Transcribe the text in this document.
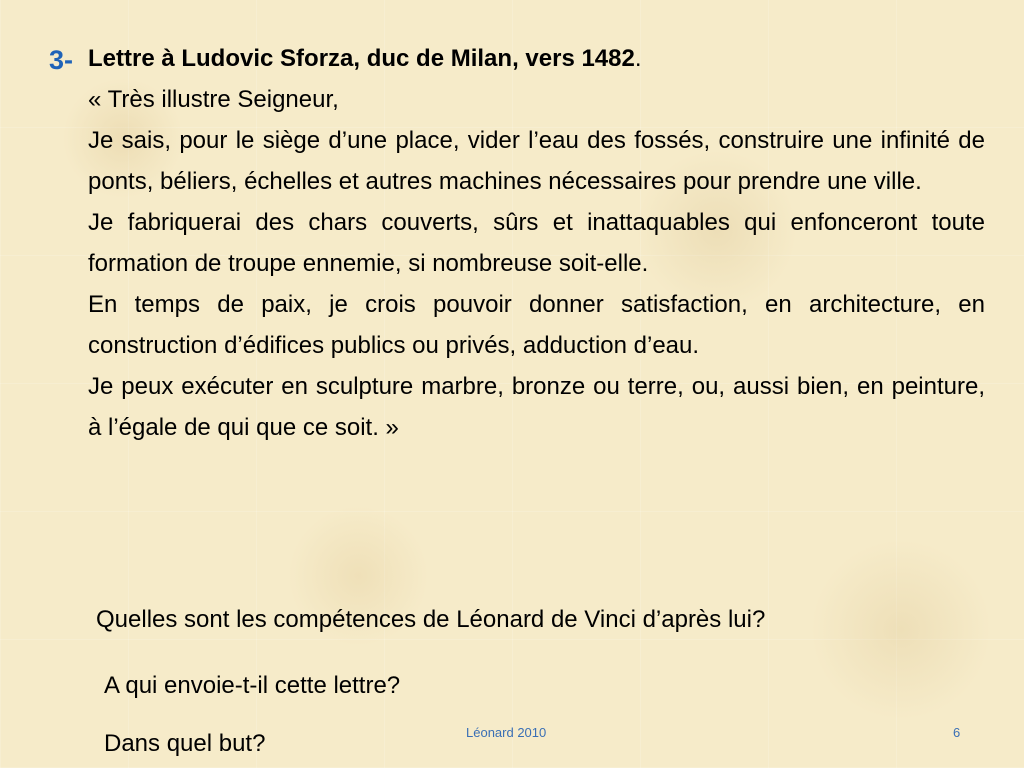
3- Lettre à Ludovic Sforza, duc de Milan, vers 1482.

« Très illustre Seigneur,

Je sais, pour le siège d’une place, vider l’eau des fossés, construire une infinité de ponts, béliers, échelles et autres machines nécessaires pour prendre une ville.

Je fabriquerai des chars couverts, sûrs et inattaquables qui enfonceront toute formation de troupe ennemie, si nombreuse soit-elle.

En temps de paix, je crois pouvoir donner satisfaction, en architecture, en construction d’édifices publics ou privés, adduction d’eau.

Je peux exécuter en sculpture marbre, bronze ou terre, ou, aussi bien, en peinture, à l’égale de qui que ce soit. »

Quelles sont les compétences de Léonard de Vinci d’après lui?
A qui envoie-t-il cette lettre?
Dans quel but?	Léonard 2010	6
